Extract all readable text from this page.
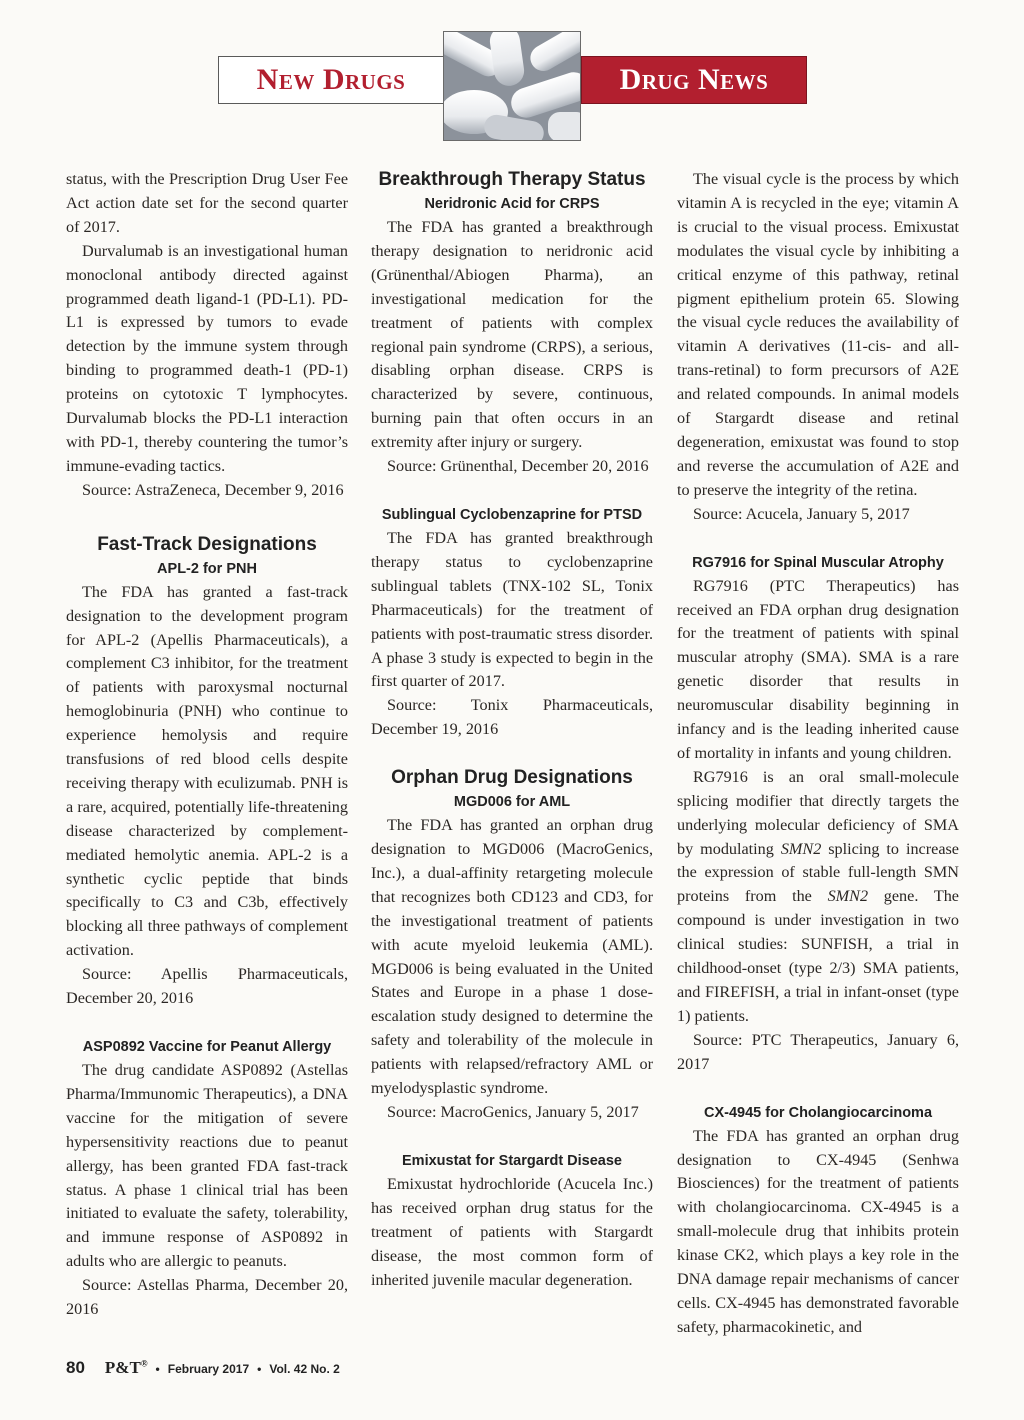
New Drugs	Drug News

status, with the Prescription Drug User Fee Act action date set for the second quarter of 2017.

Durvalumab is an investigational human monoclonal antibody directed against programmed death ligand-1 (PD-L1). PD-L1 is expressed by tumors to evade detection by the immune system through binding to programmed death-1 (PD-1) proteins on cytotoxic T lymphocytes. Durvalumab blocks the PD-L1 interaction with PD-1, thereby countering the tumor’s immune-evading tactics.

Source: AstraZeneca, December 9, 2016

Fast-Track Designations
APL-2 for PNH

The FDA has granted a fast-track designation to the development program for APL-2 (Apellis Pharmaceuticals), a complement C3 inhibitor, for the treatment of patients with paroxysmal nocturnal hemoglobinuria (PNH) who continue to experience hemolysis and require transfusions of red blood cells despite receiving therapy with eculizumab. PNH is a rare, acquired, potentially life-threatening disease characterized by complement-mediated hemolytic anemia. APL-2 is a synthetic cyclic peptide that binds specifically to C3 and C3b, effectively blocking all three pathways of complement activation.

Source: Apellis Pharmaceuticals, December 20, 2016

ASP0892 Vaccine for Peanut Allergy

The drug candidate ASP0892 (Astellas Pharma/Immunomic Therapeutics), a DNA vaccine for the mitigation of severe hypersensitivity reactions due to peanut allergy, has been granted FDA fast-track status. A phase 1 clinical trial has been initiated to evaluate the safety, tolerability, and immune response of ASP0892 in adults who are allergic to peanuts.

Source: Astellas Pharma, December 20, 2016

Breakthrough Therapy Status
Neridronic Acid for CRPS

The FDA has granted a breakthrough therapy designation to neridronic acid (Grünenthal/Abiogen Pharma), an investigational medication for the treatment of patients with complex regional pain syndrome (CRPS), a serious, disabling orphan disease. CRPS is characterized by severe, continuous, burning pain that often occurs in an extremity after injury or surgery.

Source: Grünenthal, December 20, 2016

Sublingual Cyclobenzaprine for PTSD

The FDA has granted breakthrough therapy status to cyclobenzaprine sublingual tablets (TNX-102 SL, Tonix Pharmaceuticals) for the treatment of patients with post-traumatic stress disorder. A phase 3 study is expected to begin in the first quarter of 2017.

Source: Tonix Pharmaceuticals, December 19, 2016

Orphan Drug Designations
MGD006 for AML

The FDA has granted an orphan drug designation to MGD006 (MacroGenics, Inc.), a dual-affinity retargeting molecule that recognizes both CD123 and CD3, for the investigational treatment of patients with acute myeloid leukemia (AML). MGD006 is being evaluated in the United States and Europe in a phase 1 dose-escalation study designed to determine the safety and tolerability of the molecule in patients with relapsed/refractory AML or myelodysplastic syndrome.

Source: MacroGenics, January 5, 2017

Emixustat for Stargardt Disease

Emixustat hydrochloride (Acucela Inc.) has received orphan drug status for the treatment of patients with Stargardt disease, the most common form of inherited juvenile macular degeneration.

The visual cycle is the process by which vitamin A is recycled in the eye; vitamin A is crucial to the visual process. Emixustat modulates the visual cycle by inhibiting a critical enzyme of this pathway, retinal pigment epithelium protein 65. Slowing the visual cycle reduces the availability of vitamin A derivatives (11-cis- and all-trans-retinal) to form precursors of A2E and related compounds. In animal models of Stargardt disease and retinal degeneration, emixustat was found to stop and reverse the accumulation of A2E and to preserve the integrity of the retina.

Source: Acucela, January 5, 2017

RG7916 for Spinal Muscular Atrophy

RG7916 (PTC Therapeutics) has received an FDA orphan drug designation for the treatment of patients with spinal muscular atrophy (SMA). SMA is a rare genetic disorder that results in neuromuscular disability beginning in infancy and is the leading inherited cause of mortality in infants and young children.

RG7916 is an oral small-molecule splicing modifier that directly targets the underlying molecular deficiency of SMA by modulating SMN2 splicing to increase the expression of stable full-length SMN proteins from the SMN2 gene. The compound is under investigation in two clinical studies: SUNFISH, a trial in childhood-onset (type 2/3) SMA patients, and FIREFISH, a trial in infant-onset (type 1) patients.

Source: PTC Therapeutics, January 6, 2017

CX-4945 for Cholangiocarcinoma

The FDA has granted an orphan drug designation to CX-4945 (Senhwa Biosciences) for the treatment of patients with cholangiocarcinoma. CX-4945 is a small-molecule drug that inhibits protein kinase CK2, which plays a key role in the DNA damage repair mechanisms of cancer cells. CX-4945 has demonstrated favorable safety, pharmacokinetic, and

80 P&T® • February 2017 • Vol. 42 No. 2
